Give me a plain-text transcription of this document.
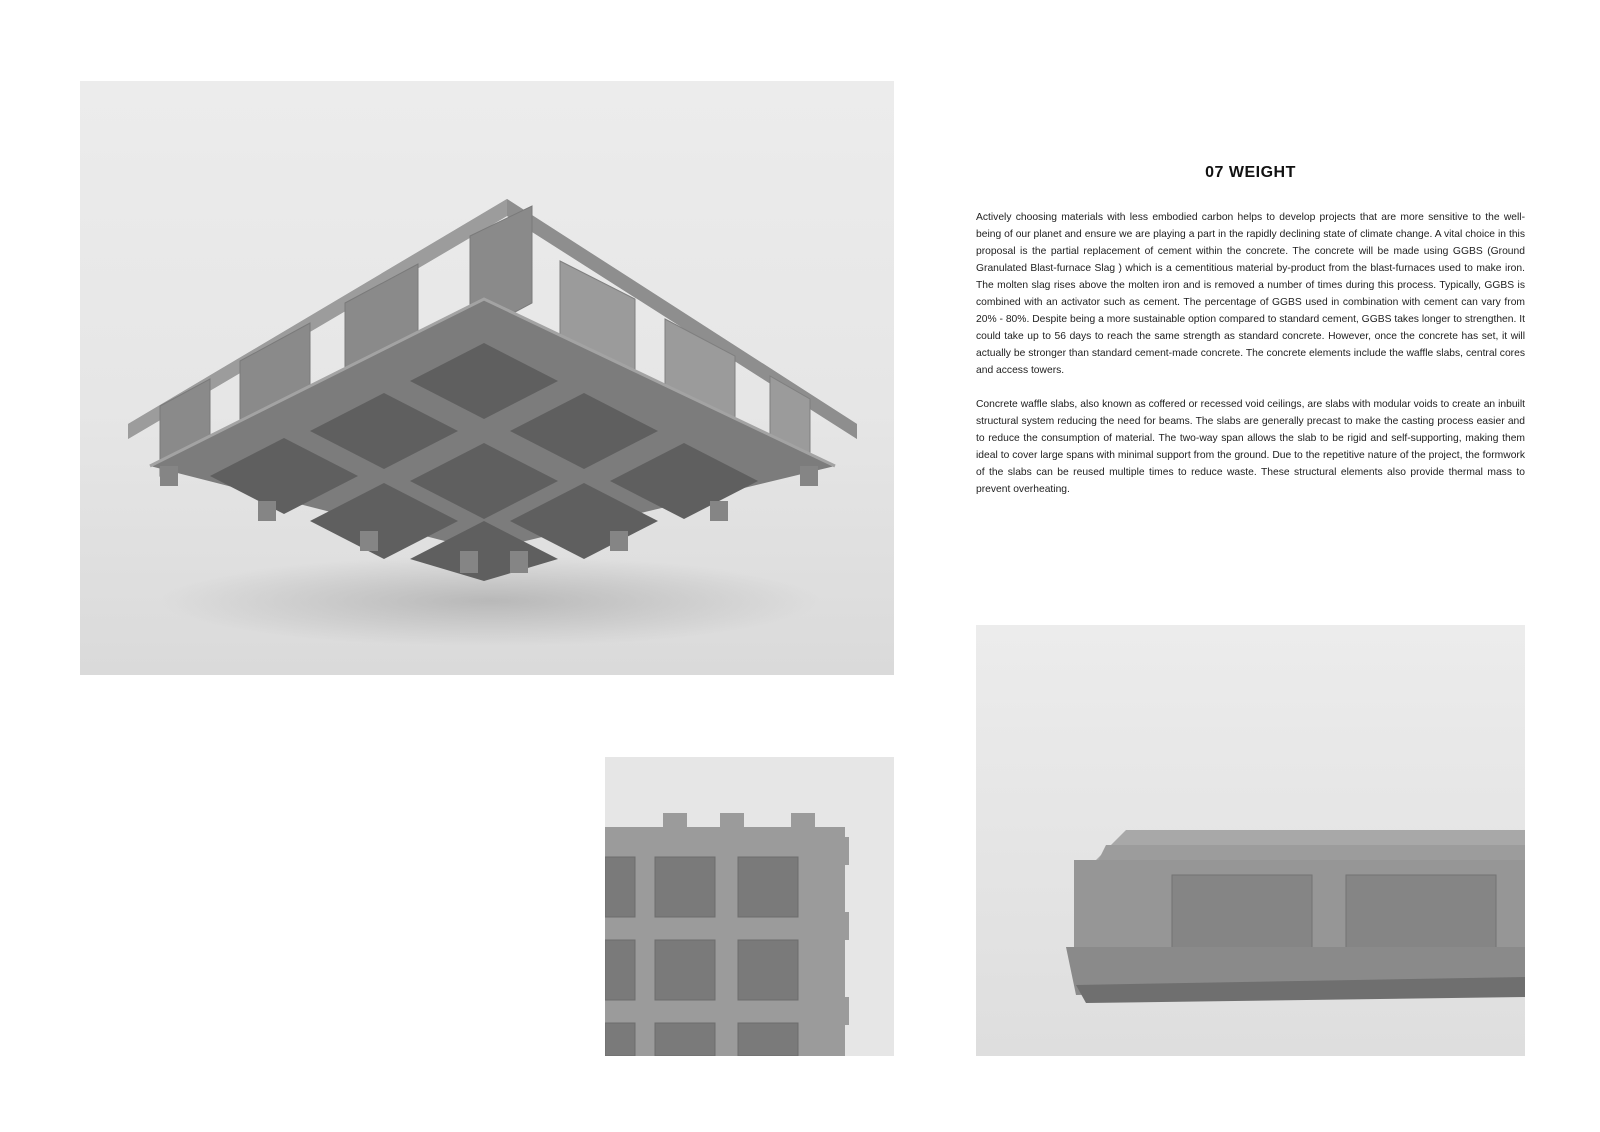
07 WEIGHT

Actively choosing materials with less embodied carbon helps to develop projects that are more sensitive to the well-being of our planet and ensure we are playing a part in the rapidly declining state of climate change. A vital choice in this proposal is the partial replacement of cement within the concrete. The concrete will be made using GGBS (Ground Granulated Blast-furnace Slag ) which is a cementitious material by-product from the blast-furnaces used to make iron. The molten slag rises above the molten iron and is removed a number of times during this process. Typically, GGBS is combined with an activator such as cement. The percentage of GGBS used in combination with cement can vary from 20% - 80%. Despite being a more sustainable option compared to standard cement, GGBS takes longer to strengthen. It could take up to 56 days to reach the same strength as standard concrete. However, once the concrete has set, it will actually be stronger than standard cement-made concrete. The concrete elements include the waffle slabs, central cores and access towers.

Concrete waffle slabs, also known as coffered or recessed void ceilings, are slabs with modular voids to create an inbuilt structural system reducing the need for beams. The slabs are generally precast to make the casting process easier and to reduce the consumption of material. The two-way span allows the slab to be rigid and self-supporting, making them ideal to cover large spans with minimal support from the ground. Due to the repetitive nature of the project, the formwork of the slabs can be reused multiple times to reduce waste. These structural elements also provide thermal mass to prevent overheating.
